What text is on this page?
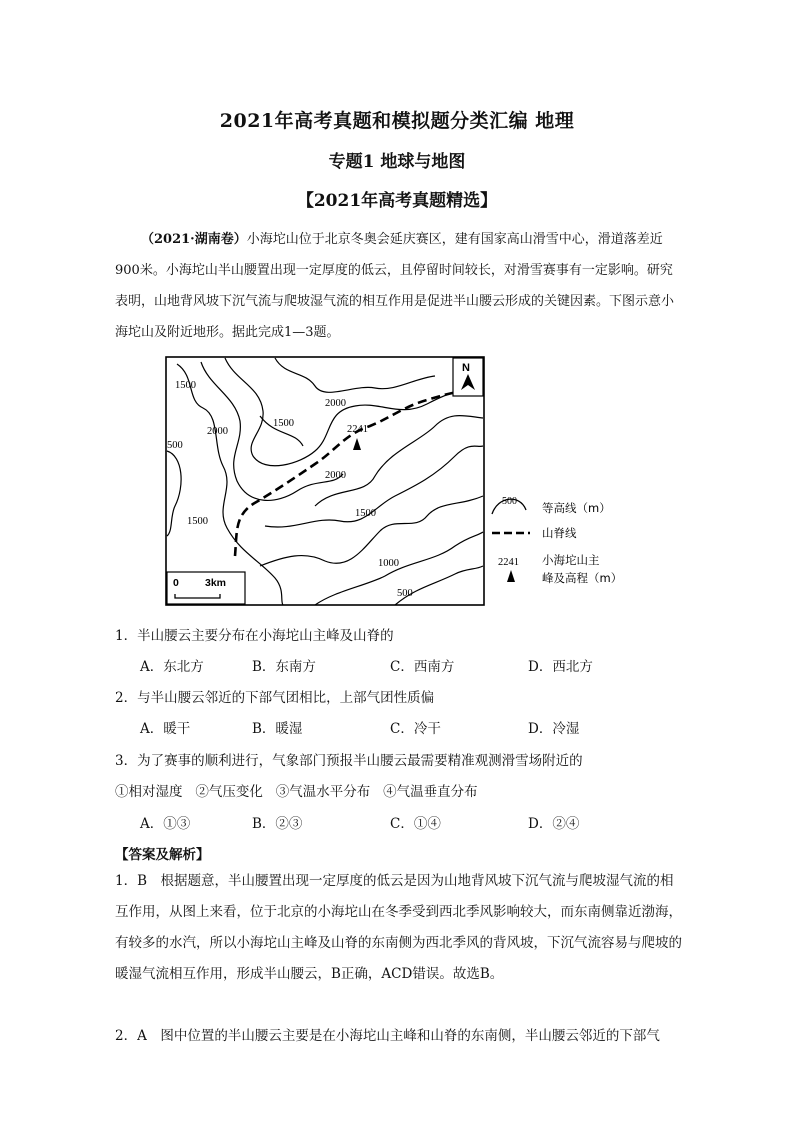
2021年高考真题和模拟题分类汇编 地理
专题1 地球与地图
【2021年高考真题精选】
（2021·湖南卷）小海坨山位于北京冬奥会延庆赛区，建有国家高山滑雪中心，滑道落差近900米。小海坨山半山腰置出现一定厚度的低云，且停留时间较长，对滑雪赛事有一定影响。研究表明，山地背风坡下沉气流与爬坡湿气流的相互作用是促进半山腰云形成的关键因素。下图示意小海坨山及附近地形。据此完成1—3题。
1500
2000
1500
2000
2000
1500
1500
1000
500
500
2241
N
0 3km
500 等高线（m）
山脊线
2241 小海坨山主
峰及高程（m）
1．半山腰云主要分布在小海坨山主峰及山脊的
A．东北方	B．东南方	C．西南方	D．西北方
2．与半山腰云邻近的下部气团相比，上部气团性质偏
A．暖干	B．暖湿	C．冷干	D．冷湿
3．为了赛事的顺利进行，气象部门预报半山腰云最需要精准观测滑雪场附近的
①相对湿度   ②气压变化   ③气温水平分布   ④气温垂直分布
A．①③	B．②③	C．①④	D．②④
【答案及解析】
1．B　根据题意，半山腰置出现一定厚度的低云是因为山地背风坡下沉气流与爬坡湿气流的相互作用，从图上来看，位于北京的小海坨山在冬季受到西北季风影响较大，而东南侧靠近渤海，有较多的水汽，所以小海坨山主峰及山脊的东南侧为西北季风的背风坡，下沉气流容易与爬坡的暖湿气流相互作用，形成半山腰云，B正确，ACD错误。故选B。
2．A　图中位置的半山腰云主要是在小海坨山主峰和山脊的东南侧，半山腰云邻近的下部气
